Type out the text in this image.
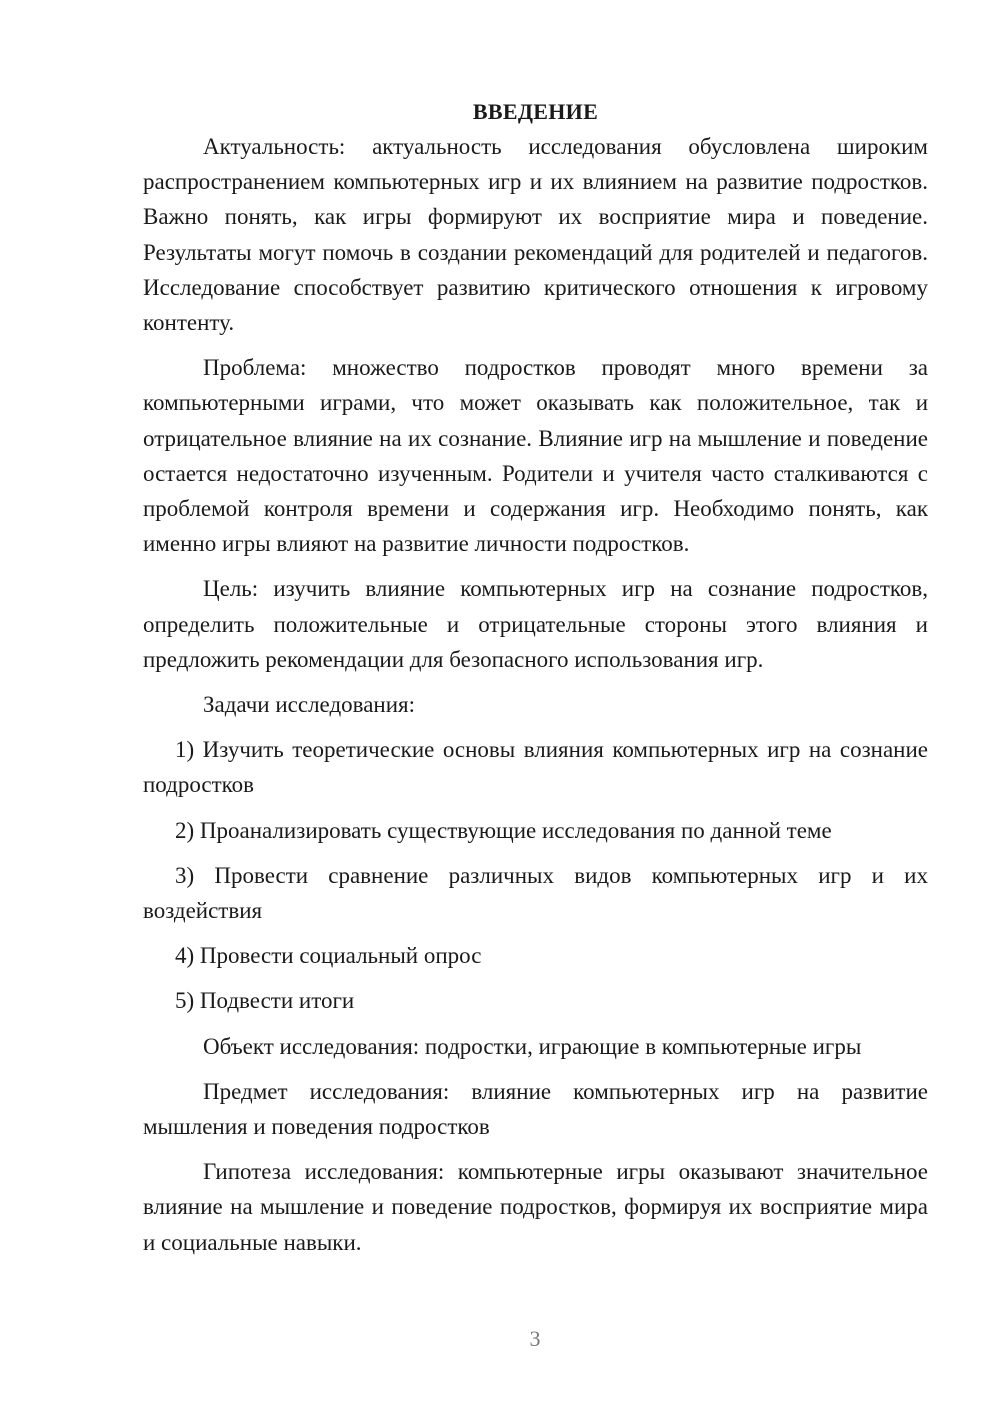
ВВЕДЕНИЕ

Актуальность: актуальность исследования обусловлена широким распространением компьютерных игр и их влиянием на развитие подростков. Важно понять, как игры формируют их восприятие мира и поведение. Результаты могут помочь в создании рекомендаций для родителей и педагогов. Исследование способствует развитию критического отношения к игровому контенту.

Проблема: множество подростков проводят много времени за компьютерными играми, что может оказывать как положительное, так и отрицательное влияние на их сознание. Влияние игр на мышление и поведение остается недостаточно изученным. Родители и учителя часто сталкиваются с проблемой контроля времени и содержания игр. Необходимо понять, как именно игры влияют на развитие личности подростков.

Цель: изучить влияние компьютерных игр на сознание подростков, определить положительные и отрицательные стороны этого влияния и предложить рекомендации для безопасного использования игр.

Задачи исследования:

1) Изучить теоретические основы влияния компьютерных игр на сознание подростков

2) Проанализировать существующие исследования по данной теме

3) Провести сравнение различных видов компьютерных игр и их воздействия

4) Провести социальный опрос

5) Подвести итоги

Объект исследования: подростки, играющие в компьютерные игры

Предмет исследования: влияние компьютерных игр на развитие мышления и поведения подростков

Гипотеза исследования: компьютерные игры оказывают значительное влияние на мышление и поведение подростков, формируя их восприятие мира и социальные навыки.

3
